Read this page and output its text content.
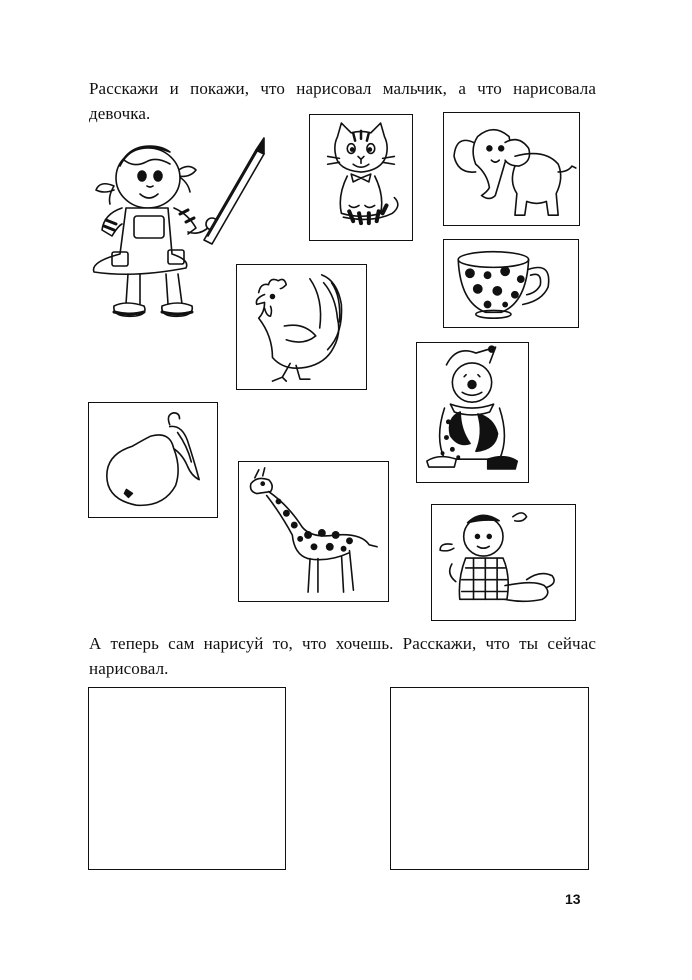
Расскажи и покажи, что нарисовал мальчик, а что нарисовала девочка.
А теперь сам нарисуй то, что хочешь. Расскажи, что ты сейчас нарисовал.
13
